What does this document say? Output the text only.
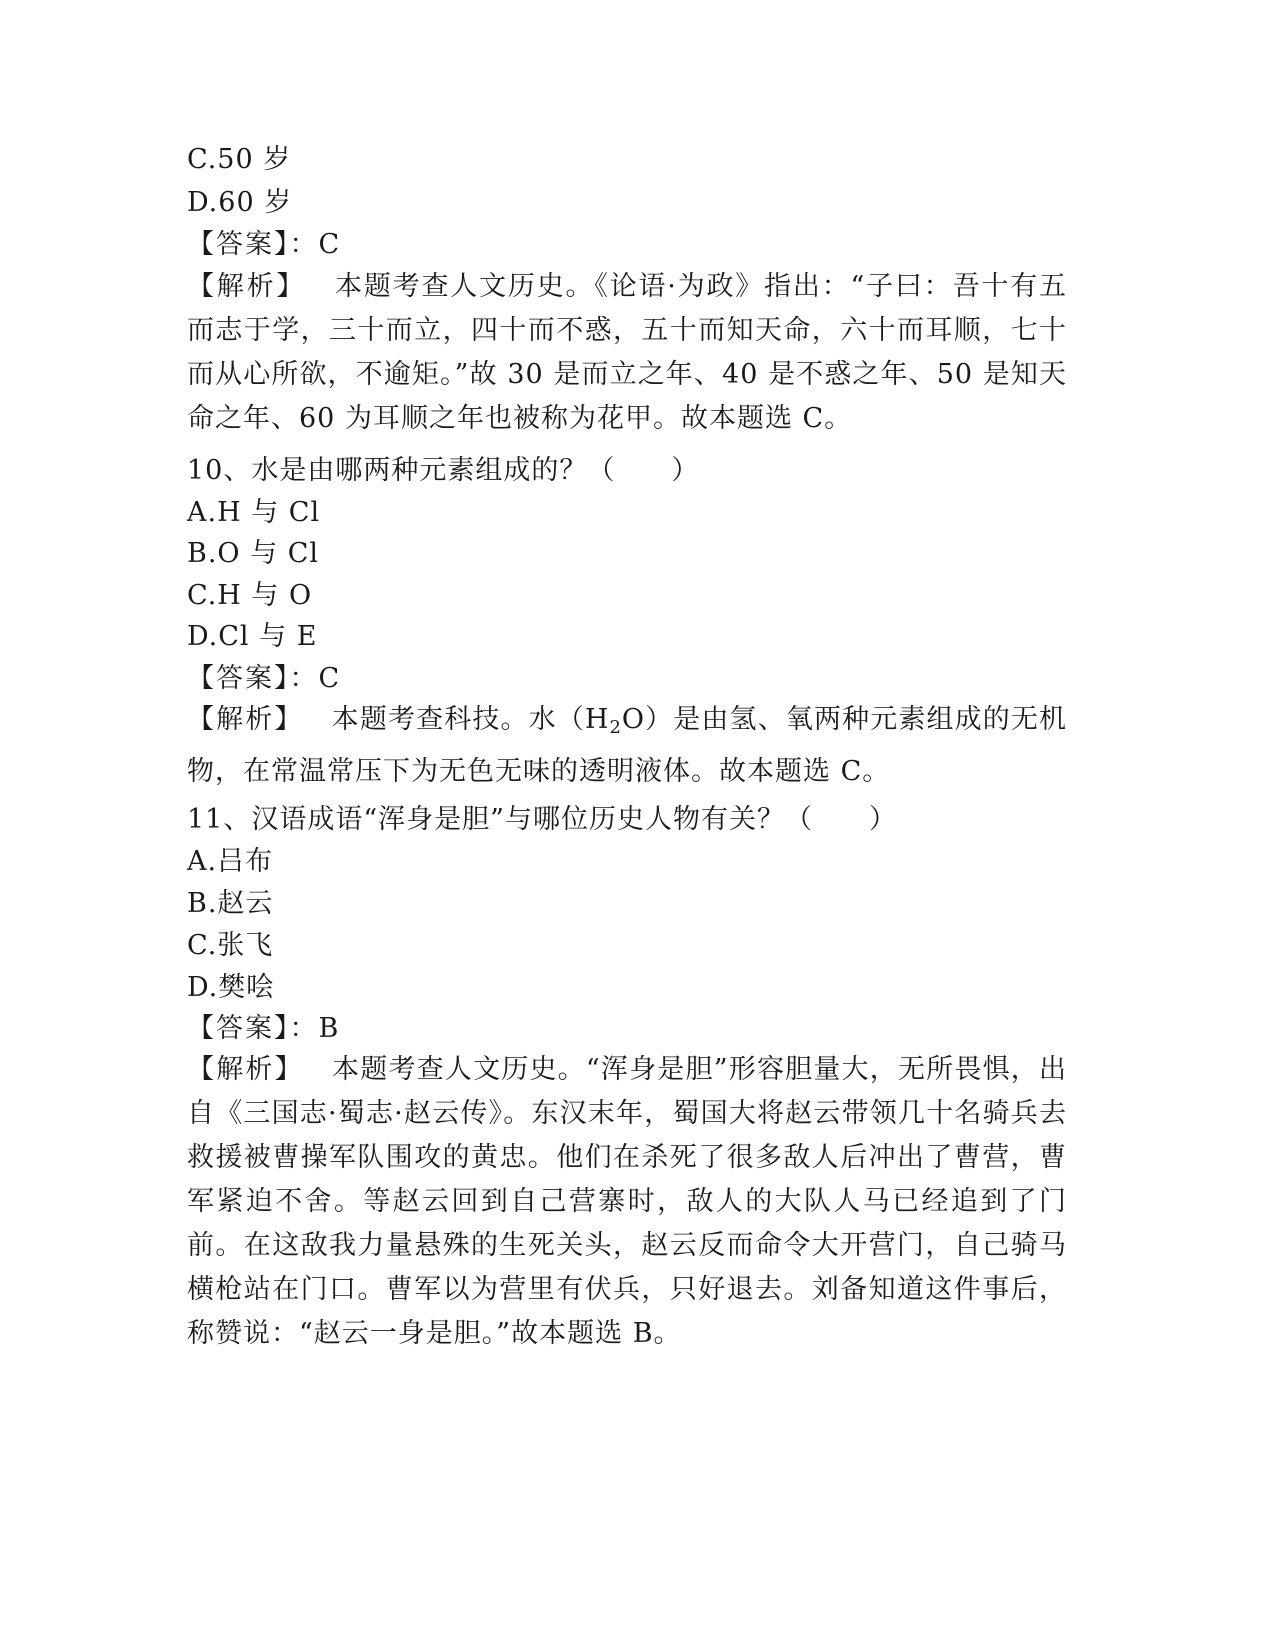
C.50 岁
D.60 岁
【答案】：C
【解析】  本题考查人文历史。《论语·为政》指出：“子曰：吾十有五而志于学，三十而立，四十而不惑，五十而知天命，六十而耳顺，七十而从心所欲，不逾矩。”故 30 是而立之年、40 是不惑之年、50 是知天命之年、60 为耳顺之年也被称为花甲。故本题选 C。
10、水是由哪两种元素组成的？（　　）
A.H 与 Cl
B.O 与 Cl
C.H 与 O
D.Cl 与 E
【答案】：C
【解析】  本题考查科技。水$(H_2O)$是由氢、氧两种元素组成的无机物，在常温常压下为无色无味的透明液体。故本题选 C。
11、汉语成语“浑身是胆”与哪位历史人物有关？（　　）
A.吕布
B.赵云
C.张飞
D.樊哙
【答案】：B
【解析】  本题考查人文历史。“浑身是胆”形容胆量大，无所畏惧，出自《三国志·蜀志·赵云传》。东汉末年，蜀国大将赵云带领几十名骑兵去救援被曹操军队围攻的黄忠。他们在杀死了很多敌人后冲出了曹营，曹军紧迫不舍。等赵云回到自己营寨时，敌人的大队人马已经追到了门前。在这敌我力量悬殊的生死关头，赵云反而命令大开营门，自己骑马横枪站在门口。曹军以为营里有伏兵，只好退去。刘备知道这件事后，称赞说：“赵云一身是胆。”故本题选 B。
